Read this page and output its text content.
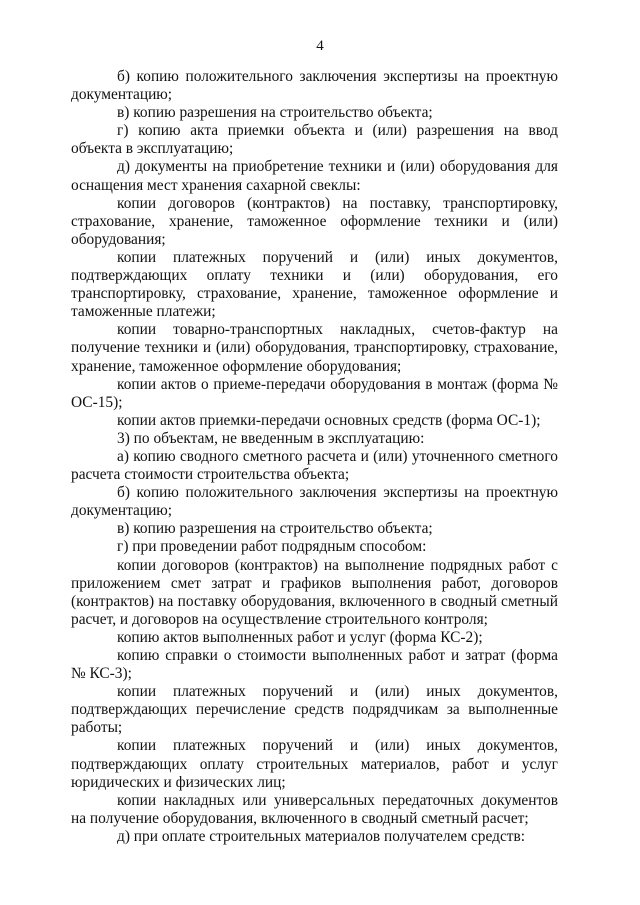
4

б) копию положительного заключения экспертизы на проектную документацию;

в) копию разрешения на строительство объекта;

г) копию акта приемки объекта и (или) разрешения на ввод объекта в эксплуатацию;

д) документы на приобретение техники и (или) оборудования для оснащения мест хранения сахарной свеклы:

копии договоров (контрактов) на поставку, транспортировку, страхование, хранение, таможенное оформление техники и (или) оборудования;

копии платежных поручений и (или) иных документов, подтверждающих оплату техники и (или) оборудования, его транспортировку, страхование, хранение, таможенное оформление и таможенные платежи;

копии товарно-транспортных накладных, счетов-фактур на получение техники и (или) оборудования, транспортировку, страхование, хранение, таможенное оформление оборудования;

копии актов о приеме-передачи оборудования в монтаж (форма № ОС-15);

копии актов приемки-передачи основных средств (форма ОС-1);

3) по объектам, не введенным в эксплуатацию:

а) копию сводного сметного расчета и (или) уточненного сметного расчета стоимости строительства объекта;

б) копию положительного заключения экспертизы на проектную документацию;

в) копию разрешения на строительство объекта;

г) при проведении работ подрядным способом:

копии договоров (контрактов) на выполнение подрядных работ с приложением смет затрат и графиков выполнения работ, договоров (контрактов) на поставку оборудования, включенного в сводный сметный расчет, и договоров на осуществление строительного контроля;

копию актов выполненных работ и услуг (форма КС-2);

копию справки о стоимости выполненных работ и затрат (форма № КС-3);

копии платежных поручений и (или) иных документов, подтверждающих перечисление средств подрядчикам за выполненные работы;

копии платежных поручений и (или) иных документов, подтверждающих оплату строительных материалов, работ и услуг юридических и физических лиц;

копии накладных или универсальных передаточных документов на получение оборудования, включенного в сводный сметный расчет;

д) при оплате строительных материалов получателем средств:
